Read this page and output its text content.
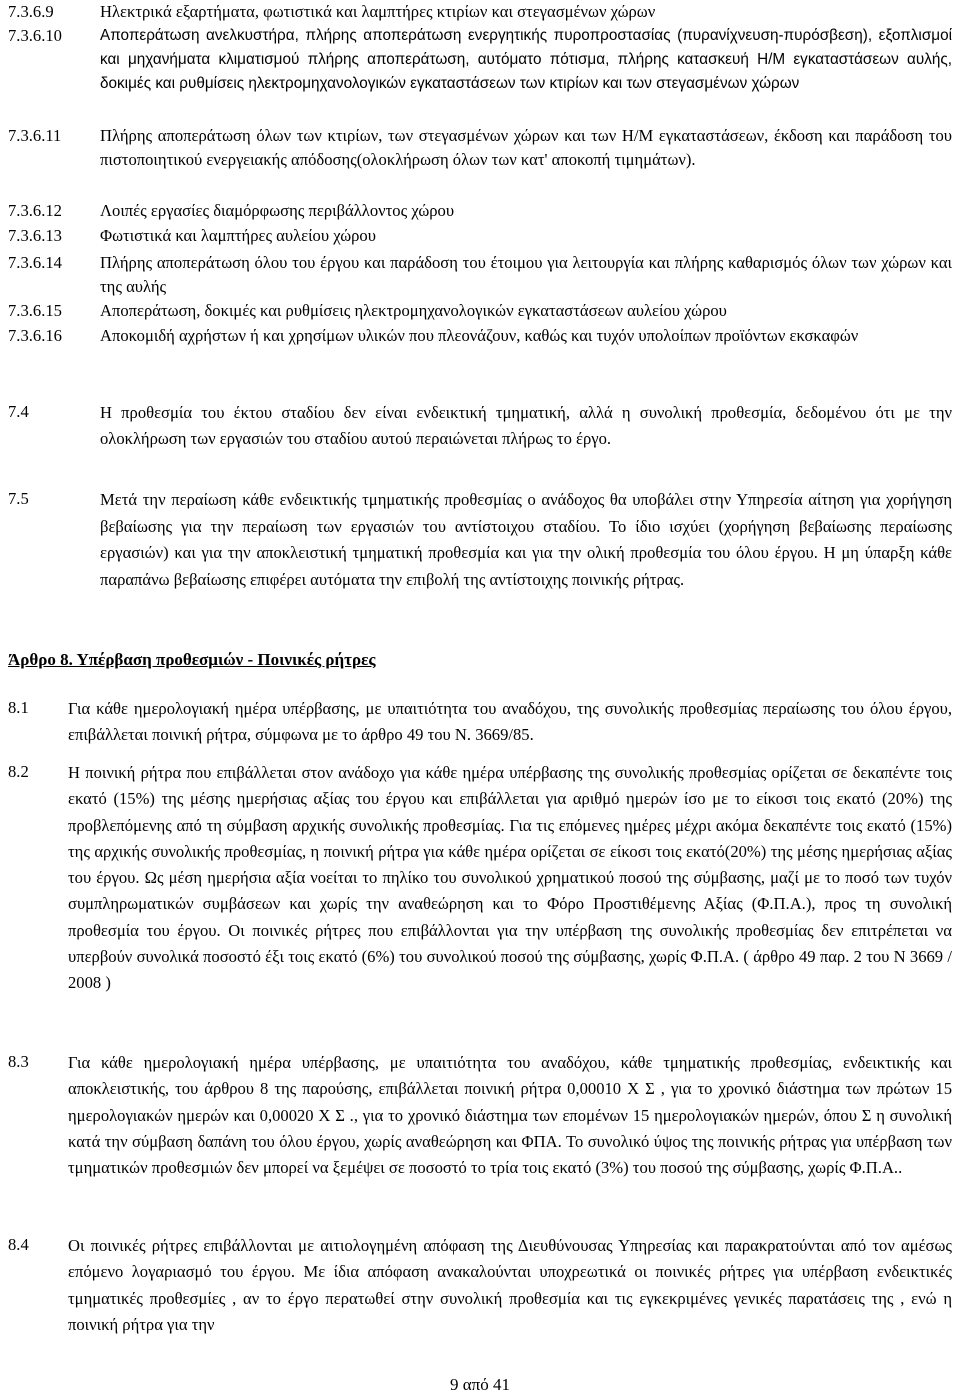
7.3.6.9	Ηλεκτρικά εξαρτήματα, φωτιστικά και λαμπτήρες κτιρίων και στεγασμένων χώρων
7.3.6.10 Αποπεράτωση ανελκυστήρα, πλήρης αποπεράτωση ενεργητικής πυροπροστασίας (πυρανίχνευση-πυρόσβεση), εξοπλισμοί και μηχανήματα κλιματισμού πλήρης αποπεράτωση, αυτόματο πότισμα, πλήρης κατασκευή Η/Μ εγκαταστάσεων αυλής, δοκιμές και ρυθμίσεις ηλεκτρομηχανολογικών εγκαταστάσεων των κτιρίων και των στεγασμένων χώρων
7.3.6.11 Πλήρης αποπεράτωση όλων των κτιρίων, των στεγασμένων χώρων και των Η/Μ εγκαταστάσεων, έκδοση και παράδοση του πιστοποιητικού ενεργειακής απόδοσης(ολοκλήρωση όλων των κατ' αποκοπή τιμημάτων).
7.3.6.12 Λοιπές εργασίες διαμόρφωσης περιβάλλοντος χώρου
7.3.6.13 Φωτιστικά και λαμπτήρες αυλείου χώρου
7.3.6.14 Πλήρης αποπεράτωση όλου του έργου και παράδοση του έτοιμου για λειτουργία και πλήρης καθαρισμός όλων των χώρων και της αυλής
7.3.6.15 Αποπεράτωση, δοκιμές και ρυθμίσεις ηλεκτρομηχανολογικών εγκαταστάσεων αυλείου χώρου
7.3.6.16 Αποκομιδή αχρήστων ή και χρησίμων υλικών που πλεονάζουν, καθώς και τυχόν υπολοίπων προϊόντων εκσκαφών
7.4	Η προθεσμία του έκτου σταδίου δεν είναι ενδεικτική τμηματική, αλλά η συνολική προθεσμία, δεδομένου ότι με την ολοκλήρωση των εργασιών του σταδίου αυτού περαιώνεται πλήρως το έργο.
7.5	Μετά την περαίωση κάθε ενδεικτικής τμηματικής προθεσμίας ο ανάδοχος θα υποβάλει στην Υπηρεσία αίτηση για χορήγηση βεβαίωσης για την περαίωση των εργασιών του αντίστοιχου σταδίου. Το ίδιο ισχύει (χορήγηση βεβαίωσης περαίωσης εργασιών) και για την αποκλειστική τμηματική προθεσμία και για την ολική προθεσμία του όλου έργου. Η μη ύπαρξη κάθε παραπάνω βεβαίωσης επιφέρει αυτόματα την επιβολή της αντίστοιχης ποινικής ρήτρας.
Άρθρο 8. Υπέρβαση προθεσμιών - Ποινικές ρήτρες
8.1 Για κάθε ημερολογιακή ημέρα υπέρβασης, με υπαιτιότητα του αναδόχου, της συνολικής προθεσμίας περαίωσης του όλου έργου, επιβάλλεται ποινική ρήτρα, σύμφωνα με το άρθρο 49 του Ν. 3669/85.
8.2 Η ποινική ρήτρα που επιβάλλεται στον ανάδοχο για κάθε ημέρα υπέρβασης της συνολικής προθεσμίας ορίζεται σε δεκαπέντε τοις εκατό (15%) της μέσης ημερήσιας αξίας του έργου και επιβάλλεται για αριθμό ημερών ίσο με το είκοσι τοις εκατό (20%) της προβλεπόμενης από τη σύμβαση αρχικής συνολικής προθεσμίας. Για τις επόμενες ημέρες μέχρι ακόμα δεκαπέντε τοις εκατό (15%) της αρχικής συνολικής προθεσμίας, η ποινική ρήτρα για κάθε ημέρα ορίζεται σε είκοσι τοις εκατό(20%) της μέσης ημερήσιας αξίας του έργου. Ως μέση ημερήσια αξία νοείται το πηλίκο του συνολικού χρηματικού ποσού της σύμβασης, μαζί με το ποσό των τυχόν συμπληρωματικών συμβάσεων και χωρίς την αναθεώρηση και το Φόρο Προστιθέμενης Αξίας (Φ.Π.Α.), προς τη συνολική προθεσμία του έργου. Οι ποινικές ρήτρες που επιβάλλονται για την υπέρβαση της συνολικής προθεσμίας δεν επιτρέπεται να υπερβούν συνολικά ποσοστό έξι τοις εκατό (6%) του συνολικού ποσού της σύμβασης, χωρίς Φ.Π.Α. ( άρθρο 49 παρ. 2 του Ν 3669 / 2008 )
8.3 Για κάθε ημερολογιακή ημέρα υπέρβασης, με υπαιτιότητα του αναδόχου, κάθε τμηματικής προθεσμίας, ενδεικτικής και αποκλειστικής, του άρθρου 8 της παρούσης, επιβάλλεται ποινική ρήτρα 0,00010 Χ Σ , για το χρονικό διάστημα των πρώτων 15 ημερολογιακών ημερών και 0,00020 Χ Σ ., για το χρονικό διάστημα των επομένων 15 ημερολογιακών ημερών, όπου Σ η συνολική κατά την σύμβαση δαπάνη του όλου έργου, χωρίς αναθεώρηση και ΦΠΑ. Το συνολικό ύψος της ποινικής ρήτρας για υπέρβαση των τμηματικών προθεσμιών δεν μπορεί να ξεμέψει σε ποσοστό το τρία τοις εκατό (3%) του ποσού της σύμβασης, χωρίς Φ.Π.Α..
8.4 Οι ποινικές ρήτρες επιβάλλονται με αιτιολογημένη απόφαση της Διευθύνουσας Υπηρεσίας και παρακρατούνται από τον αμέσως επόμενο λογαριασμό του έργου. Με ίδια απόφαση ανακαλούνται υποχρεωτικά οι ποινικές ρήτρες για υπέρβαση ενδεικτικές τμηματικές προθεσμίες , αν το έργο περατωθεί στην συνολική προθεσμία και τις εγκεκριμένες γενικές παρατάσεις της , ενώ η ποινική ρήτρα για την
9 από 41
